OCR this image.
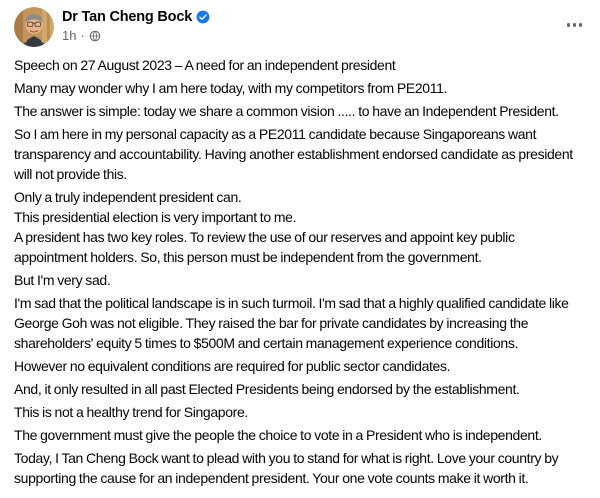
Dr Tan Cheng Bock
1h ·
Speech on 27 August 2023 – A need for an independent president
Many may wonder why I am here today, with my competitors from PE2011.
The answer is simple: today we share a common vision ..... to have an Independent President.
So I am here in my personal capacity as a PE2011 candidate because Singaporeans want transparency and accountability. Having another establishment endorsed candidate as president will not provide this.
Only a truly independent president can.
This presidential election is very important to me.
A president has two key roles. To review the use of our reserves and appoint key public appointment holders. So, this person must be independent from the government.
But I'm very sad.
I'm sad that the political landscape is in such turmoil. I'm sad that a highly qualified candidate like George Goh was not eligible. They raised the bar for private candidates by increasing the shareholders' equity 5 times to $500M and certain management experience conditions.
However no equivalent conditions are required for public sector candidates.
And, it only resulted in all past Elected Presidents being endorsed by the establishment.
This is not a healthy trend for Singapore.
The government must give the people the choice to vote in a President who is independent.
Today, I Tan Cheng Bock want to plead with you to stand for what is right. Love your country by supporting the cause for an independent president. Your one vote counts make it worth it.
